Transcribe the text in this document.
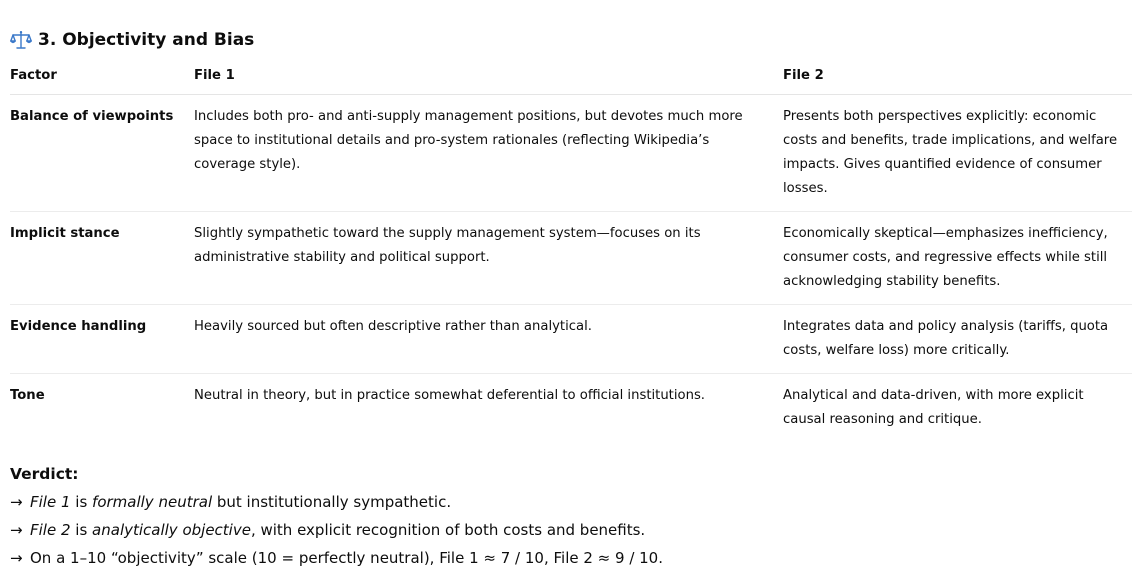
3. Objectivity and Bias
Factor	File 1	File 2
Balance of viewpoints	Includes both pro- and anti-supply management positions, but devotes much more space to institutional details and pro-system rationales (reflecting Wikipedia’s coverage style).	Presents both perspectives explicitly: economic costs and benefits, trade implications, and welfare impacts. Gives quantified evidence of consumer losses.
Implicit stance	Slightly sympathetic toward the supply management system—focuses on its administrative stability and political support.	Economically skeptical—emphasizes inefficiency, consumer costs, and regressive effects while still acknowledging stability benefits.
Evidence handling	Heavily sourced but often descriptive rather than analytical.	Integrates data and policy analysis (tariffs, quota costs, welfare loss) more critically.
Tone	Neutral in theory, but in practice somewhat deferential to official institutions.	Analytical and data-driven, with more explicit causal reasoning and critique.
Verdict:
→ File 1 is formally neutral but institutionally sympathetic.
→ File 2 is analytically objective, with explicit recognition of both costs and benefits.
→ On a 1–10 “objectivity” scale (10 = perfectly neutral), File 1 ≈ 7 / 10, File 2 ≈ 9 / 10.
